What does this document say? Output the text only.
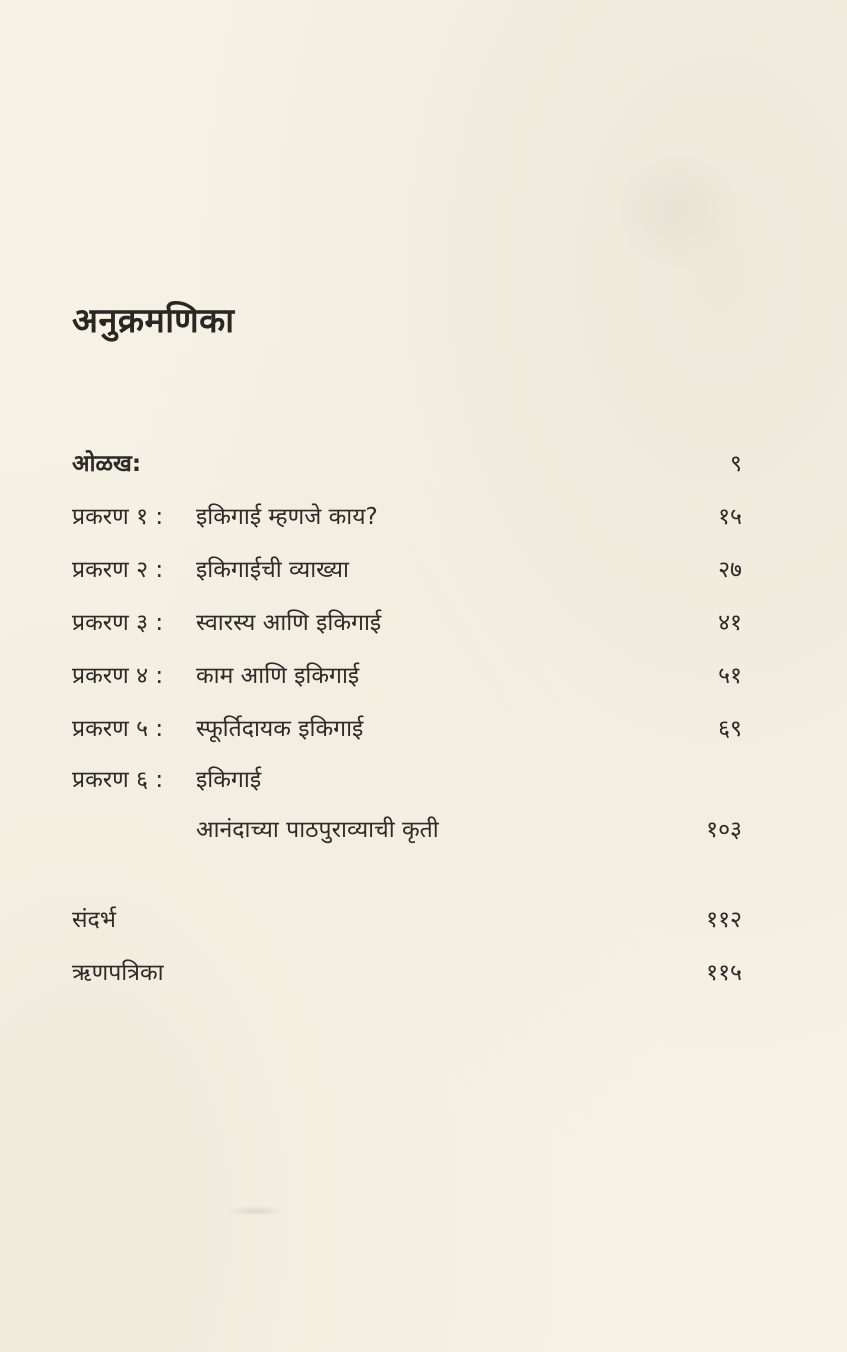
अनुक्रमणिका
ओळख:	९
प्रकरण १ : इकिगाई म्हणजे काय?	१५
प्रकरण २ : इकिगाईची व्याख्या	२७
प्रकरण ३ : स्वारस्य आणि इकिगाई	४१
प्रकरण ४ : काम आणि इकिगाई	५१
प्रकरण ५ : स्फूर्तिदायक इकिगाई	६९
प्रकरण ६ : इकिगाई
आनंदाच्या पाठपुराव्याची कृती	१०३
संदर्भ	११२
ऋणपत्रिका	११५
